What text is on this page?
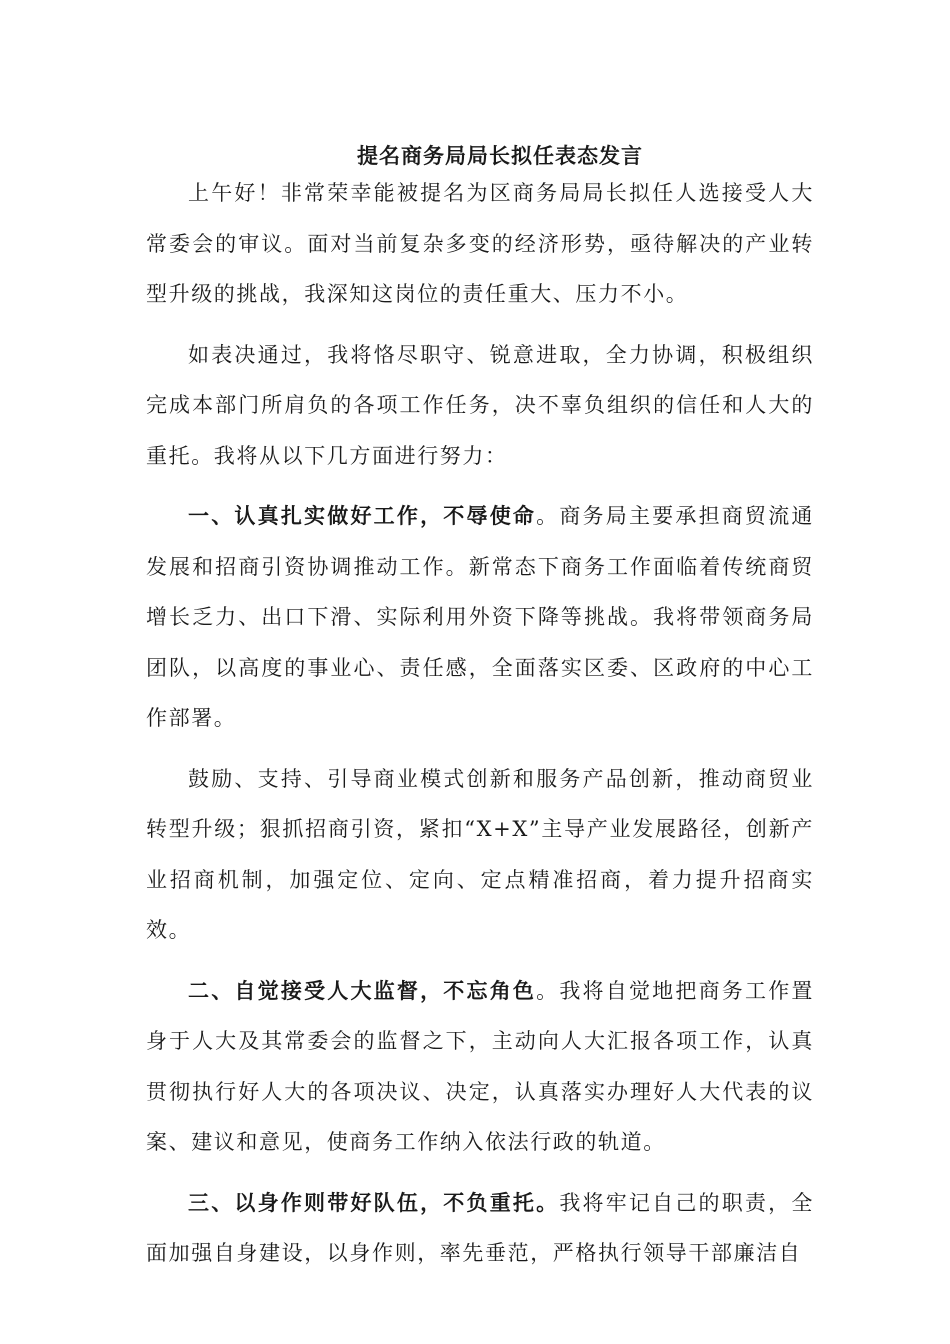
提名商务局局长拟任表态发言

上午好！非常荣幸能被提名为区商务局局长拟任人选接受人大常委会的审议。面对当前复杂多变的经济形势，亟待解决的产业转型升级的挑战，我深知这岗位的责任重大、压力不小。

如表决通过，我将恪尽职守、锐意进取，全力协调，积极组织完成本部门所肩负的各项工作任务，决不辜负组织的信任和人大的重托。我将从以下几方面进行努力：

一、认真扎实做好工作，不辱使命。商务局主要承担商贸流通发展和招商引资协调推动工作。新常态下商务工作面临着传统商贸增长乏力、出口下滑、实际利用外资下降等挑战。我将带领商务局团队，以高度的事业心、责任感，全面落实区委、区政府的中心工作部署。

鼓励、支持、引导商业模式创新和服务产品创新，推动商贸业转型升级；狠抓招商引资，紧扣“X+X”主导产业发展路径，创新产业招商机制，加强定位、定向、定点精准招商，着力提升招商实效。

二、自觉接受人大监督，不忘角色。我将自觉地把商务工作置身于人大及其常委会的监督之下，主动向人大汇报各项工作，认真贯彻执行好人大的各项决议、决定，认真落实办理好人大代表的议案、建议和意见，使商务工作纳入依法行政的轨道。

三、以身作则带好队伍，不负重托。我将牢记自己的职责，全面加强自身建设，以身作则，率先垂范，严格执行领导干部廉洁自
